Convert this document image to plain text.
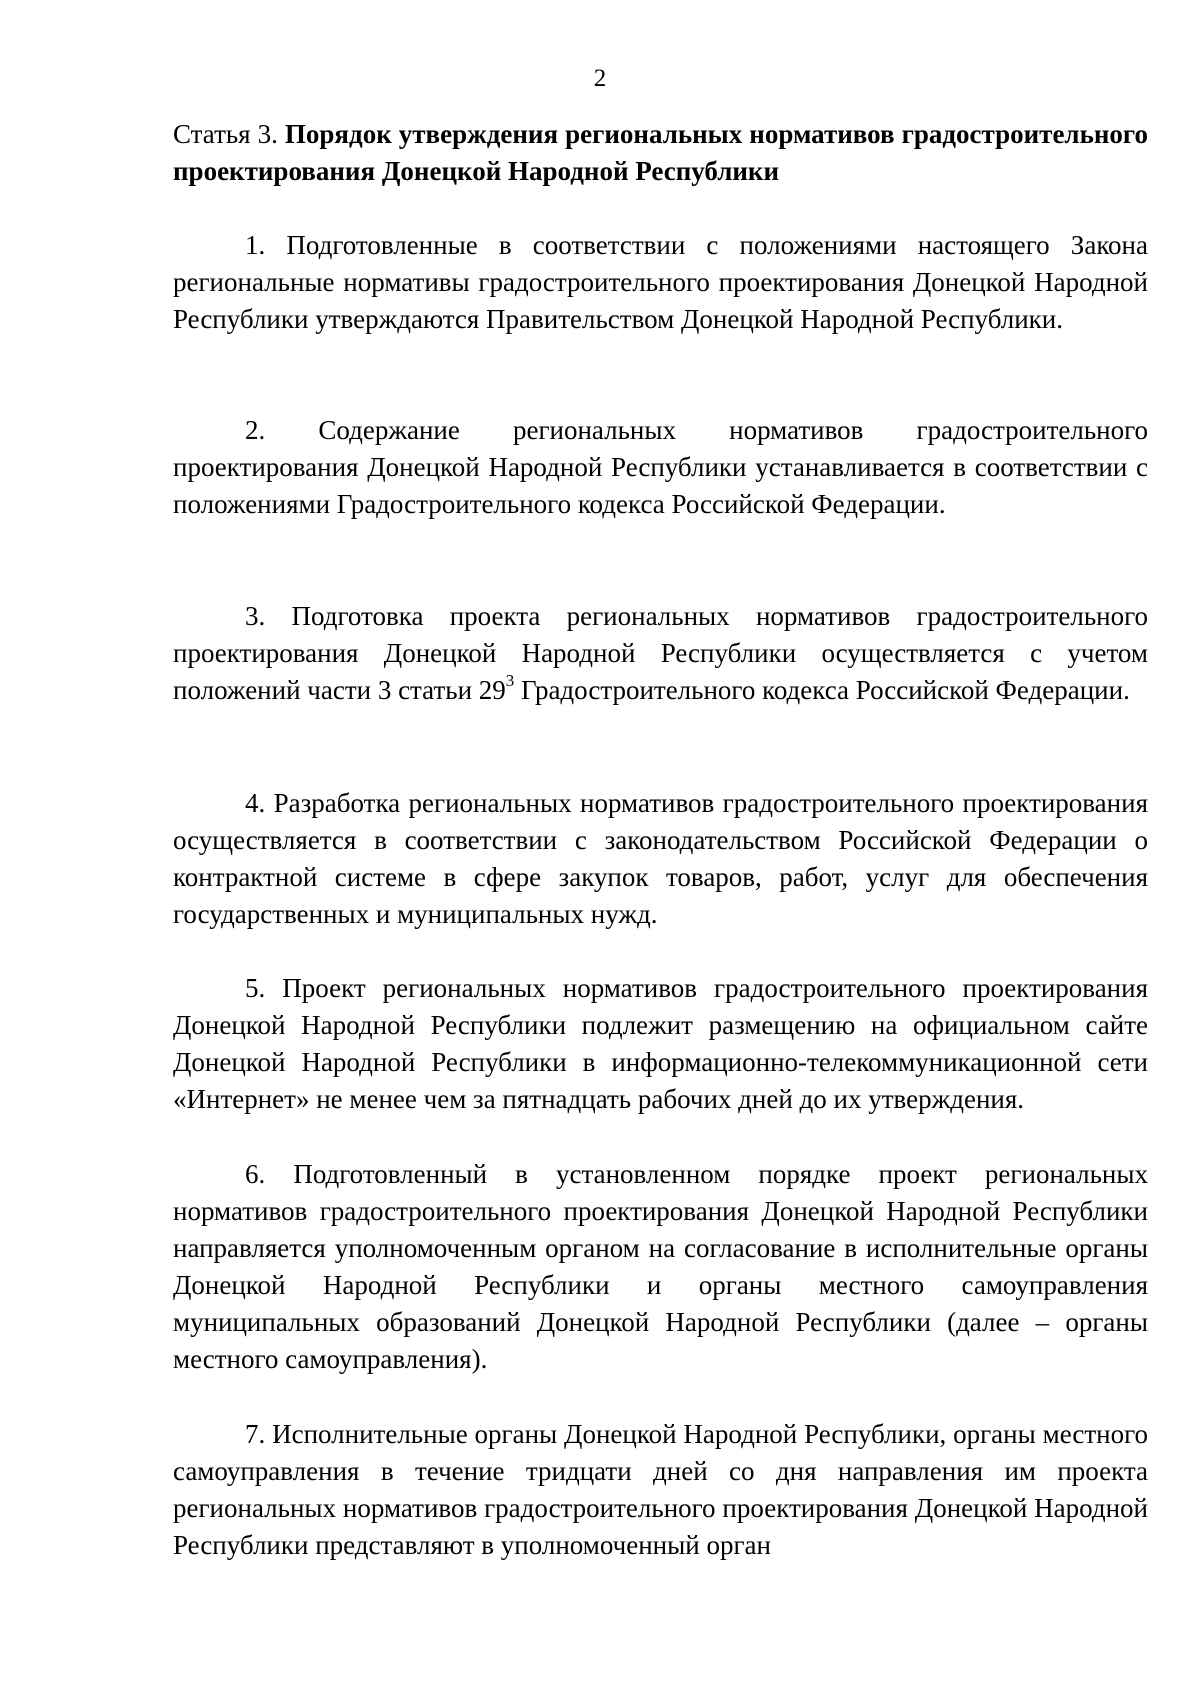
2
Статья 3. Порядок утверждения региональных нормативов градостроительного проектирования Донецкой Народной Республики
1. Подготовленные в соответствии с положениями настоящего Закона региональные нормативы градостроительного проектирования Донецкой Народной Республики утверждаются Правительством Донецкой Народной Республики.
2. Содержание региональных нормативов градостроительного проектирования Донецкой Народной Республики устанавливается в соответствии с положениями Градостроительного кодекса Российской Федерации.
3. Подготовка проекта региональных нормативов градостроительного проектирования Донецкой Народной Республики осуществляется с учетом положений части 3 статьи $29^3$ Градостроительного кодекса Российской Федерации.
4. Разработка региональных нормативов градостроительного проектирования осуществляется в соответствии с законодательством Российской Федерации о контрактной системе в сфере закупок товаров, работ, услуг для обеспечения государственных и муниципальных нужд.
5. Проект региональных нормативов градостроительного проектирования Донецкой Народной Республики подлежит размещению на официальном сайте Донецкой Народной Республики в информационно-телекоммуникационной сети «Интернет» не менее чем за пятнадцать рабочих дней до их утверждения.
6. Подготовленный в установленном порядке проект региональных нормативов градостроительного проектирования Донецкой Народной Республики направляется уполномоченным органом на согласование в исполнительные органы Донецкой Народной Республики и органы местного самоуправления муниципальных образований Донецкой Народной Республики (далее – органы местного самоуправления).
7. Исполнительные органы Донецкой Народной Республики, органы местного самоуправления в течение тридцати дней со дня направления им проекта региональных нормативов градостроительного проектирования Донецкой Народной Республики представляют в уполномоченный орган
